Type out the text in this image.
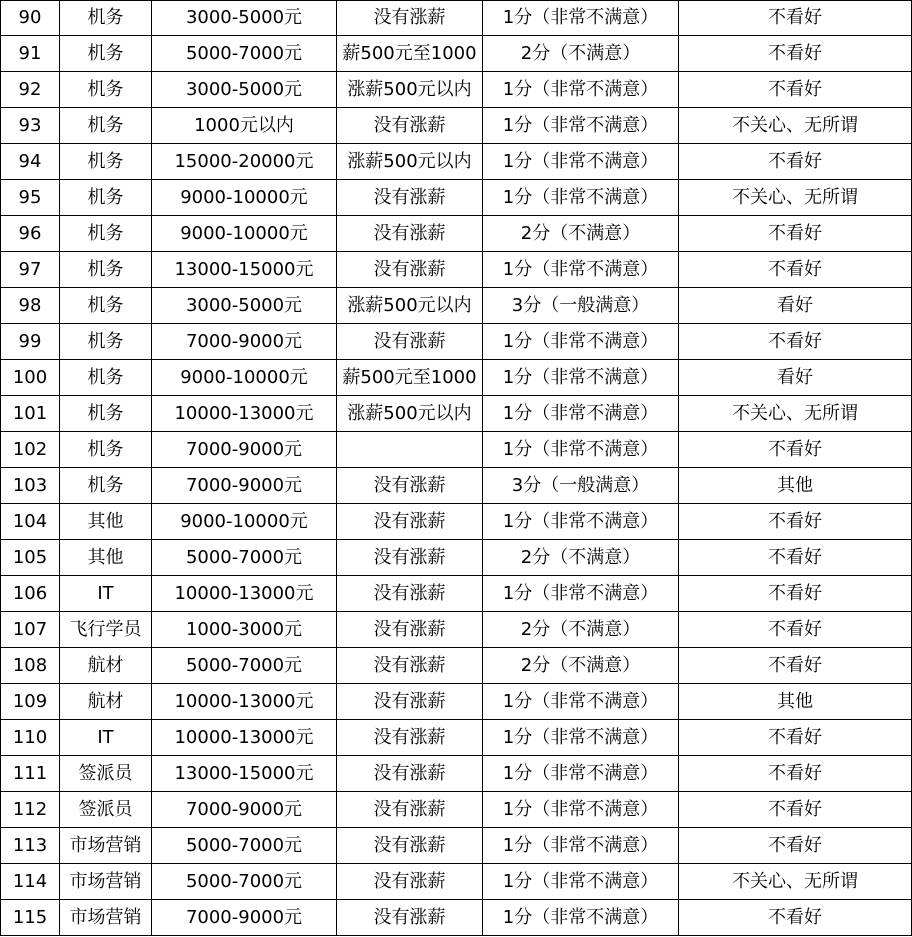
90	机务	3000-5000元	没有涨薪	1分（非常不满意）	不看好
91	机务	5000-7000元	薪500元至1000	2分（不满意）	不看好
92	机务	3000-5000元	涨薪500元以内	1分（非常不满意）	不看好
93	机务	1000元以内	没有涨薪	1分（非常不满意）	不关心、无所谓
94	机务	15000-20000元	涨薪500元以内	1分（非常不满意）	不看好
95	机务	9000-10000元	没有涨薪	1分（非常不满意）	不关心、无所谓
96	机务	9000-10000元	没有涨薪	2分（不满意）	不看好
97	机务	13000-15000元	没有涨薪	1分（非常不满意）	不看好
98	机务	3000-5000元	涨薪500元以内	3分（一般满意）	看好
99	机务	7000-9000元	没有涨薪	1分（非常不满意）	不看好
100	机务	9000-10000元	薪500元至1000	1分（非常不满意）	看好
101	机务	10000-13000元	涨薪500元以内	1分（非常不满意）	不关心、无所谓
102	机务	7000-9000元		1分（非常不满意）	不看好
103	机务	7000-9000元	没有涨薪	3分（一般满意）	其他
104	其他	9000-10000元	没有涨薪	1分（非常不满意）	不看好
105	其他	5000-7000元	没有涨薪	2分（不满意）	不看好
106	IT	10000-13000元	没有涨薪	1分（非常不满意）	不看好
107	飞行学员	1000-3000元	没有涨薪	2分（不满意）	不看好
108	航材	5000-7000元	没有涨薪	2分（不满意）	不看好
109	航材	10000-13000元	没有涨薪	1分（非常不满意）	其他
110	IT	10000-13000元	没有涨薪	1分（非常不满意）	不看好
111	签派员	13000-15000元	没有涨薪	1分（非常不满意）	不看好
112	签派员	7000-9000元	没有涨薪	1分（非常不满意）	不看好
113	市场营销	5000-7000元	没有涨薪	1分（非常不满意）	不看好
114	市场营销	5000-7000元	没有涨薪	1分（非常不满意）	不关心、无所谓
115	市场营销	7000-9000元	没有涨薪	1分（非常不满意）	不看好
